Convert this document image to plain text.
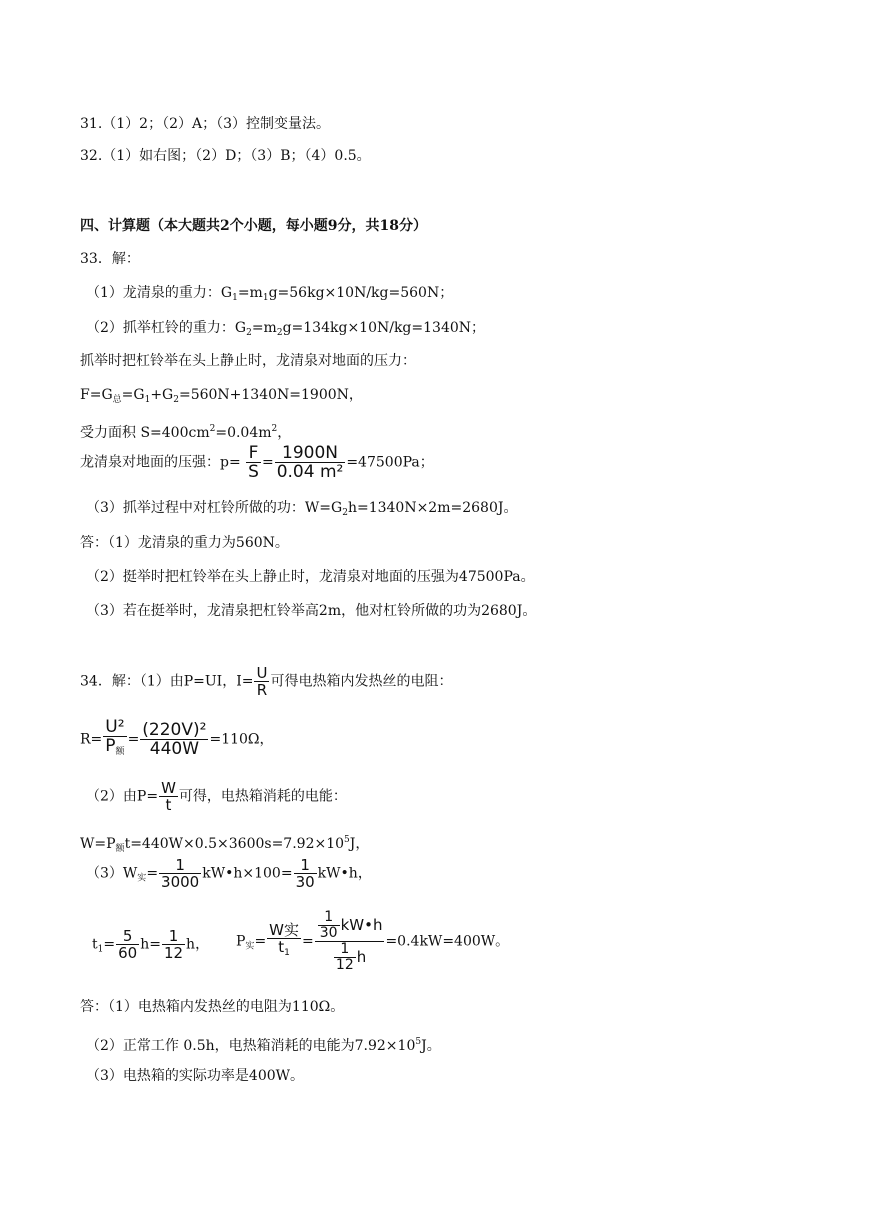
31.（1）2；（2）A；（3）控制变量法。
32.（1）如右图；（2）D；（3）B；（4）0.5。
四、计算题（本大题共2个小题，每小题9分，共18分）
33．解：
（1）龙清泉的重力：$G_1=m_1g=56kg\times 10N/kg=560N$；
（2）抓举杠铃的重力：$G_2=m_2g=134kg\times 10N/kg=1340N$；
抓举时把杠铃举在头上静止时，龙清泉对地面的压力：
$F=G_总=G_1+G_2=560N+1340N=1900N$，
受力面积 $S=400cm^2=0.04m^2$，
龙清泉对地面的压强：$p= \frac{F}{S} = \frac{1900N}{\text{0.04 m²}} =47500Pa$；
（3）抓举过程中对杠铃所做的功：$W=G_2h=1340N\times 2m=2680J$。
答：（1）龙清泉的重力为560N。
（2）挺举时把杠铃举在头上静止时，龙清泉对地面的压强为47500Pa。
（3）若在挺举时，龙清泉把杠铃举高2m，他对杠铃所做的功为2680J。
34．解：（1）由P=UI，$I= \frac{U}{R}$ 可得电热箱内发热丝的电阻：
$R= \frac{\text{U²}}{P_额} = \frac{\text{(220V)²}}{440W} =110\Omega$，
（2）由$P= \frac{W}{t}$ 可得，电热箱消耗的电能：
$W=P_额t=440W\times 0.5\times 3600s=7.92\times 10^5J$，
$(3)W_实= \frac{1}{3000}$ kW•h×100= $\frac{1}{30}$ kW•h，
$t_1= \frac{5}{60} h= \frac{1}{12}$ h， $P_实= \frac{\text{W实}}{t_1} = \frac{\frac{1}{30} kW•h}{\frac{1}{12} h} =0.4kW=400W$。
答：（1）电热箱内发热丝的电阻为110Ω。
（2）正常工作 0.5h，电热箱消耗的电能为$7.92\times 10^5J$。
（3）电热箱的实际功率是400W。
